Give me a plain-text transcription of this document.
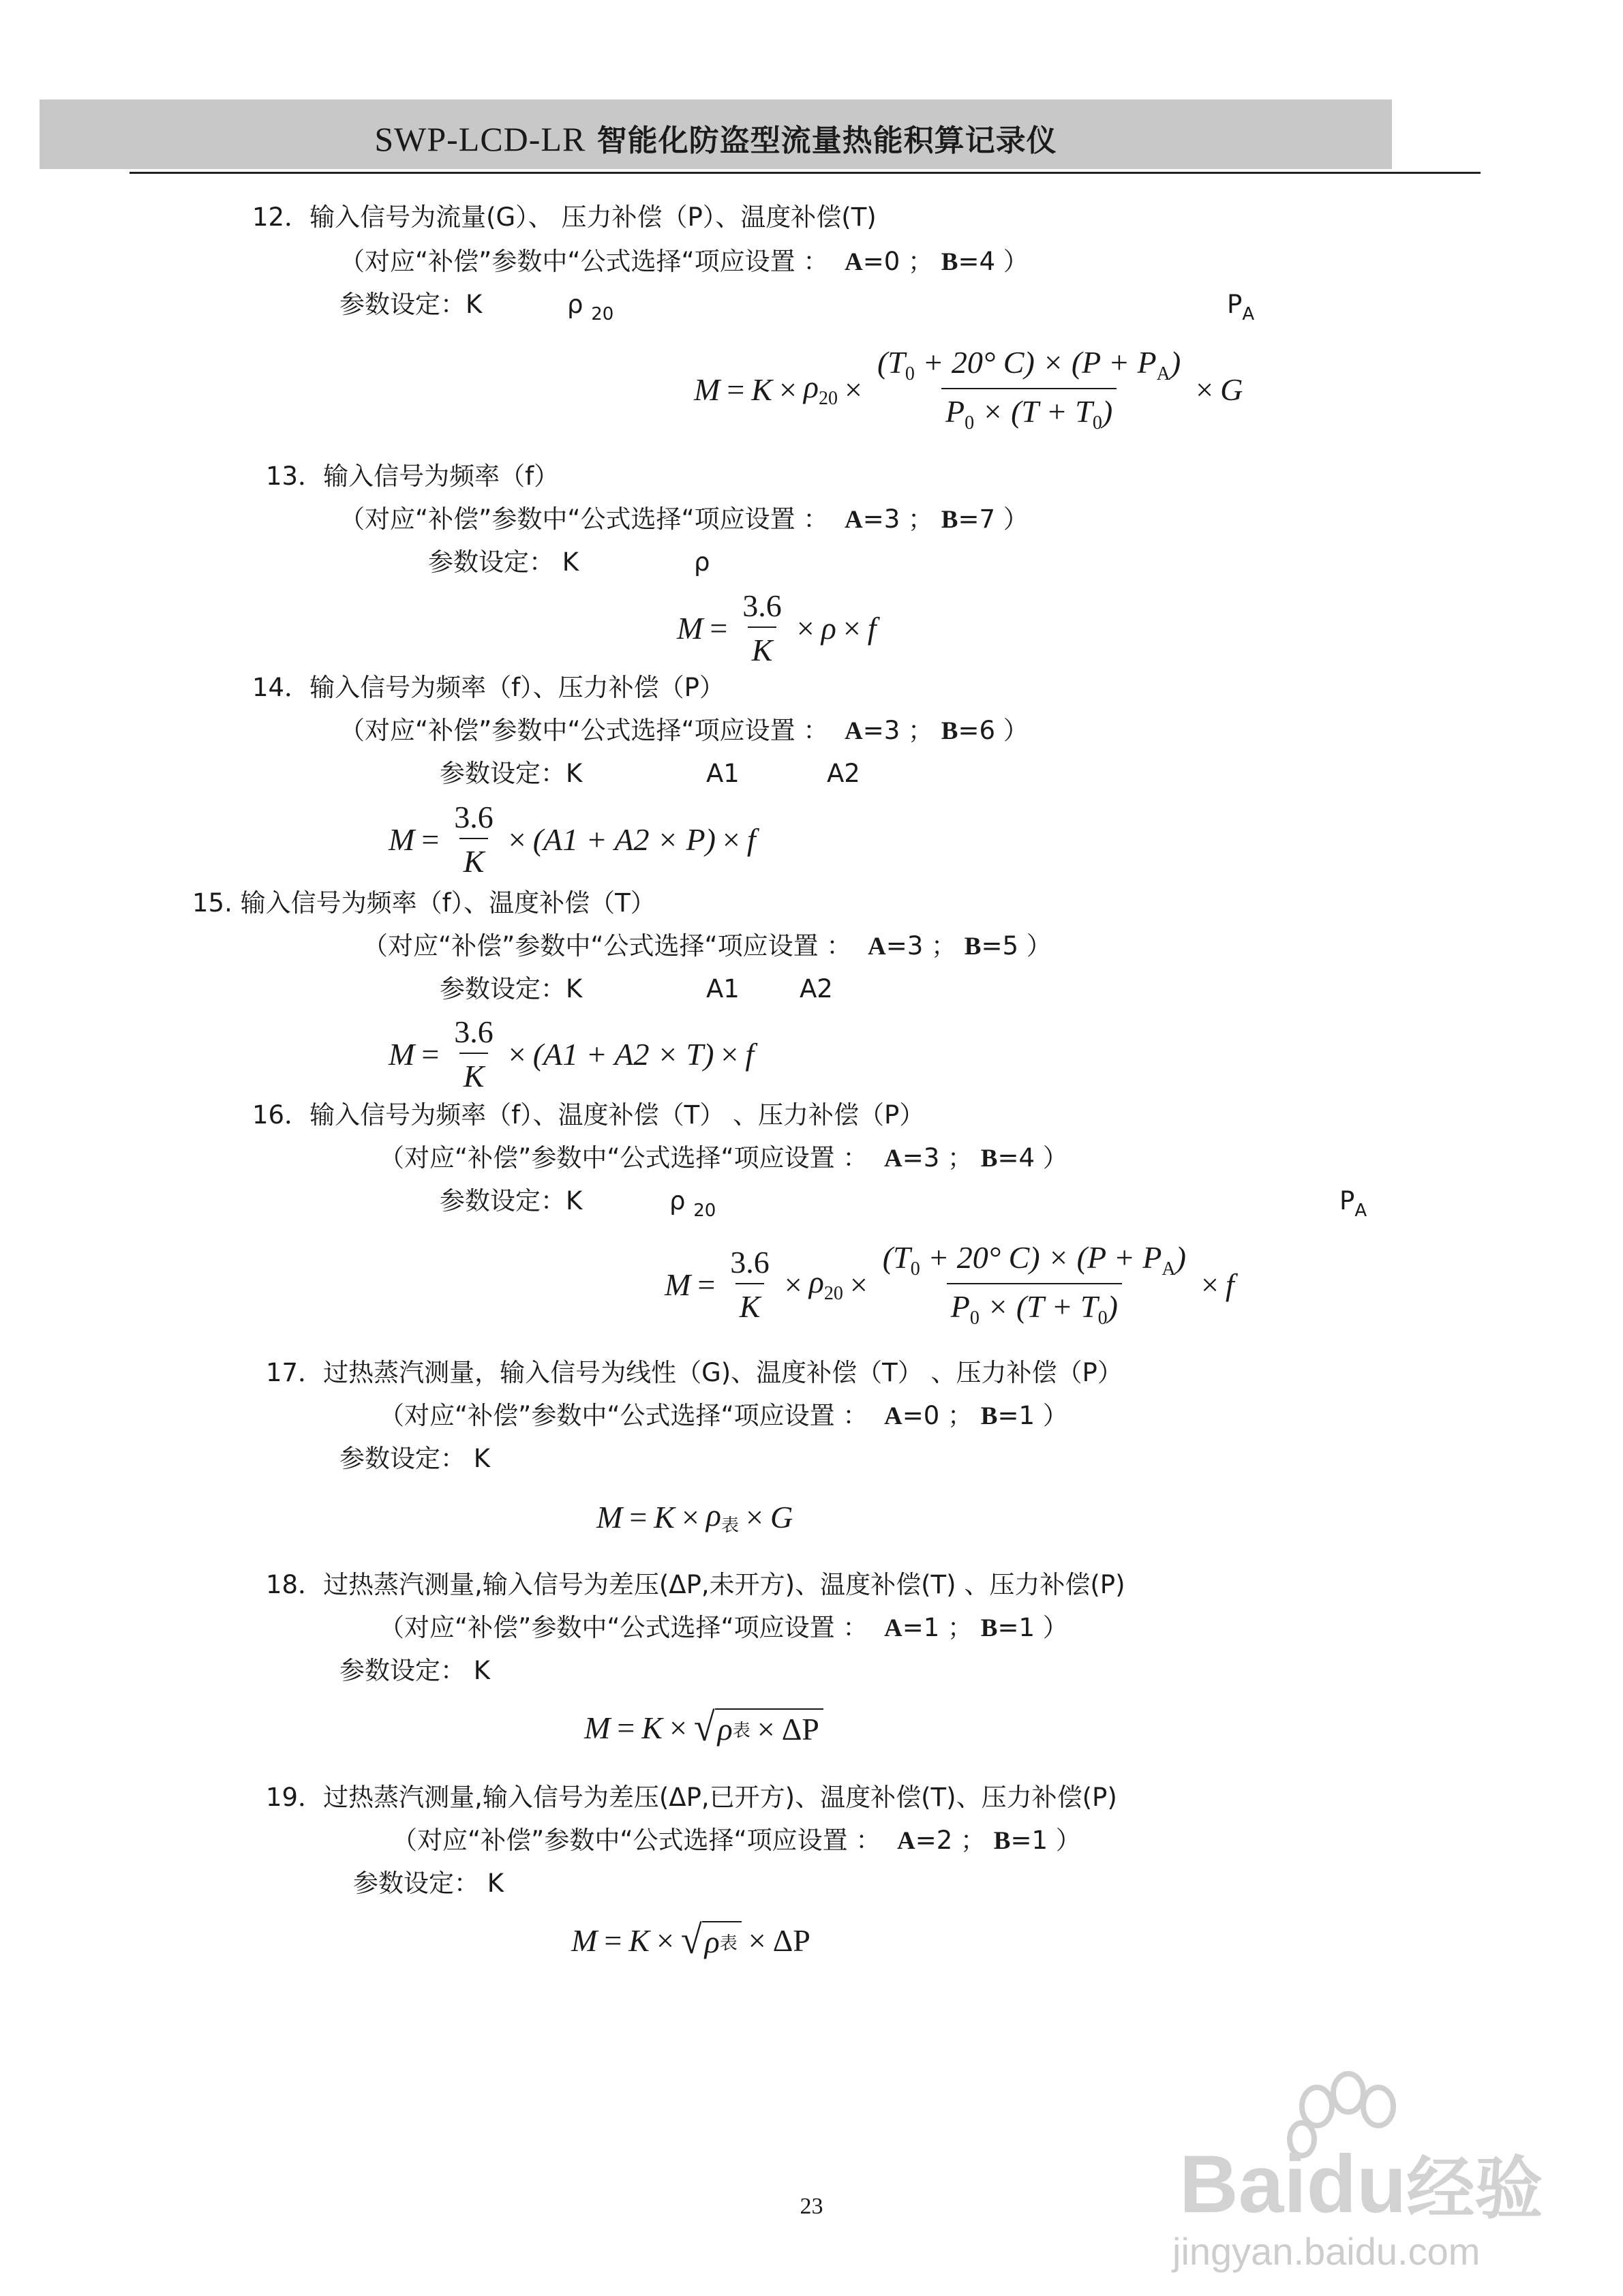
SWP-LCD-LR 智能化防盗型流量热能积算记录仪
12．输入信号为流量(G）、 压力补偿（P）、温度补偿(T)
（对应“补偿”参数中“公式选择“项应设置 ： A=0 ； B=4 ）
参数设定：K	ρ $_{20}$	$P_A$
$M = K \times \rho_{20} \times \frac{(T_0 + 20^\circ C) \times (P + P_A)}{P_0 \times (T + T_0)} \times G$
13．输入信号为频率（f）
（对应“补偿”参数中“公式选择“项应设置 ： A=3 ； B=7 ）
参数设定： K	ρ
$M = \frac{3.6}{K} \times \rho \times f$
14．输入信号为频率（f）、压力补偿（P）
（对应“补偿”参数中“公式选择“项应设置 ： A=3 ； B=6 ）
参数设定：K	A1	A2
$M = \frac{3.6}{K} \times (A1 + A2 \times P) \times f$
15. 输入信号为频率（f）、温度补偿（T）
（对应“补偿”参数中“公式选择“项应设置 ： A=3 ； B=5 ）
参数设定：K	A1 A2
$M = \frac{3.6}{K} \times (A1 + A2 \times T) \times f$
16．输入信号为频率（f）、温度补偿（T） 、压力补偿（P）
（对应“补偿”参数中“公式选择“项应设置 ： A=3 ； B=4 ）
参数设定：K	ρ $_{20}$	$P_A$
$M = \frac{3.6}{K} \times \rho_{20} \times \frac{(T_0 + 20^\circ C) \times (P + P_A)}{P_0 \times (T + T_0)} \times f$
17．过热蒸汽测量，输入信号为线性（G)、温度补偿（T） 、压力补偿（P）
（对应“补偿”参数中“公式选择“项应设置 ： A=0 ； B=1 ）
参数设定： K
M = K × ρ表 × G
18．过热蒸汽测量,输入信号为差压(ΔP,未开方)、温度补偿(T) 、压力补偿(P)
（对应“补偿”参数中“公式选择“项应设置 ： A=1 ； B=1 ）
参数设定： K
M = K × √ ρ 表 × ΔP
19．过热蒸汽测量,输入信号为差压(ΔP,已开方)、温度补偿(T)、压力补偿(P)
（对应“补偿”参数中“公式选择“项应设置 ： A=2 ； B=1 ）
参数设定： K
M = K × √ ρ 表 × ΔP
23	Baidu经验
jingyan.baidu.com
